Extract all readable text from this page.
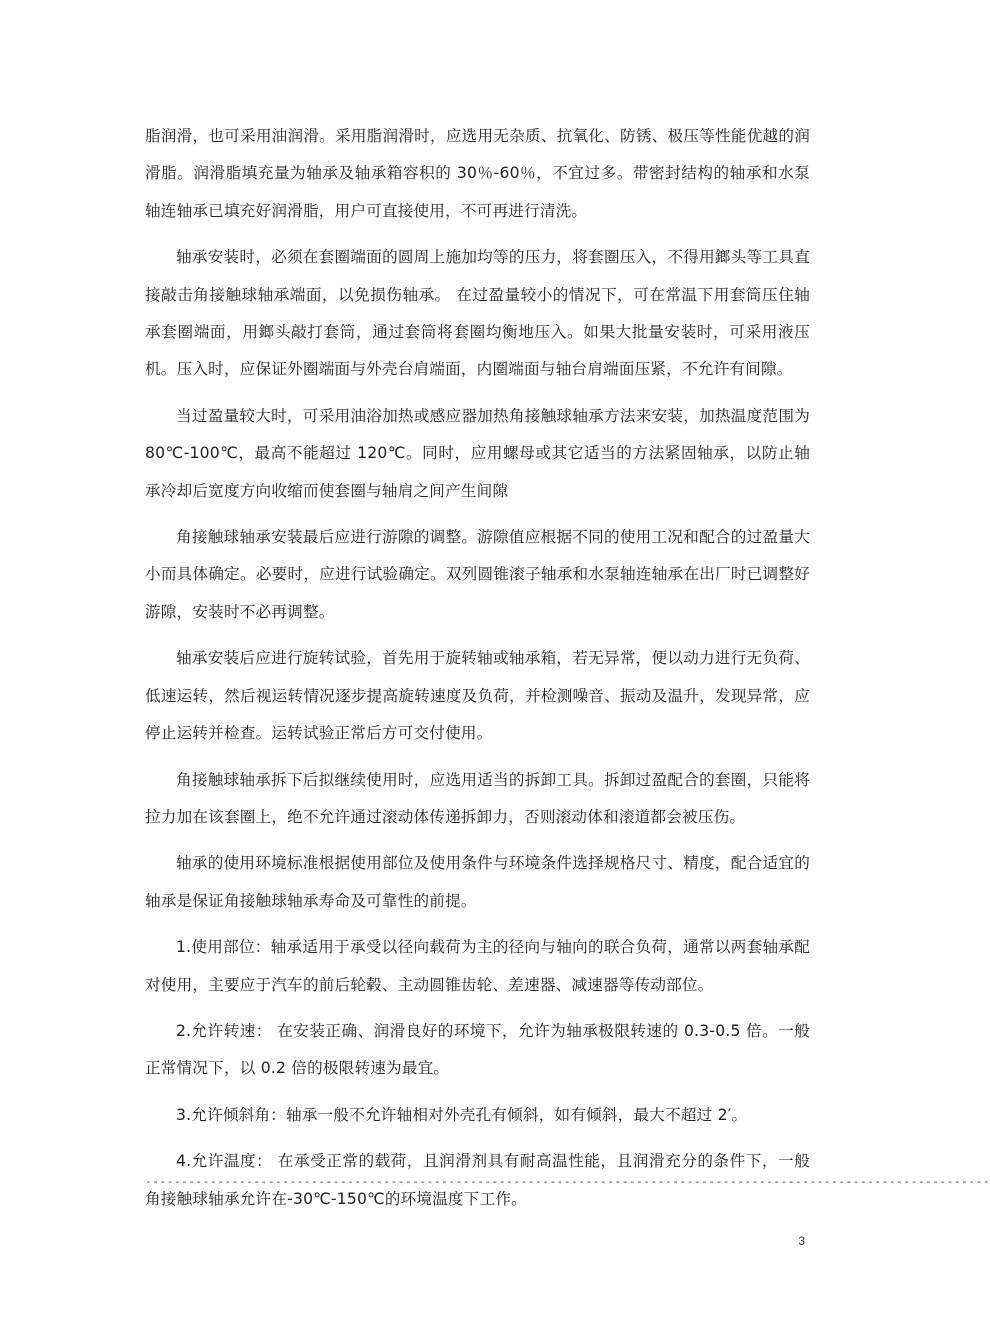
脂润滑，也可采用油润滑。采用脂润滑时，应选用无杂质、抗氧化、防锈、极压等性能优越的润滑脂。润滑脂填充量为轴承及轴承箱容积的 30％-60％，不宜过多。带密封结构的轴承和水泵轴连轴承已填充好润滑脂，用户可直接使用，不可再进行清洗。

轴承安装时，必须在套圈端面的圆周上施加均等的压力，将套圈压入，不得用鎯头等工具直接敲击角接触球轴承端面，以免损伤轴承。 在过盈量较小的情况下，可在常温下用套筒压住轴承套圈端面，用鎯头敲打套筒，通过套筒将套圈均衡地压入。如果大批量安装时，可采用液压机。压入时，应保证外圈端面与外壳台肩端面，内圈端面与轴台肩端面压紧，不允许有间隙。

当过盈量较大时，可采用油浴加热或感应器加热角接触球轴承方法来安装，加热温度范围为 80℃-100℃，最高不能超过 120℃。同时，应用螺母或其它适当的方法紧固轴承，以防止轴承冷却后宽度方向收缩而使套圈与轴肩之间产生间隙

角接触球轴承安装最后应进行游隙的调整。游隙值应根据不同的使用工况和配合的过盈量大小而具体确定。必要时，应进行试验确定。双列圆锥滚子轴承和水泵轴连轴承在出厂时已调整好游隙，安装时不必再调整。

轴承安装后应进行旋转试验，首先用于旋转轴或轴承箱，若无异常，便以动力进行无负荷、低速运转，然后视运转情况逐步提高旋转速度及负荷，并检测噪音、振动及温升，发现异常，应停止运转并检查。运转试验正常后方可交付使用。

角接触球轴承拆下后拟继续使用时，应选用适当的拆卸工具。拆卸过盈配合的套圈，只能将拉力加在该套圈上，绝不允许通过滚动体传递拆卸力，否则滚动体和滚道都会被压伤。

轴承的使用环境标准根据使用部位及使用条件与环境条件选择规格尺寸、精度，配合适宜的轴承是保证角接触球轴承寿命及可靠性的前提。

1.使用部位：轴承适用于承受以径向载荷为主的径向与轴向的联合负荷，通常以两套轴承配对使用，主要应于汽车的前后轮毂、主动圆锥齿轮、差速器、减速器等传动部位。

2.允许转速： 在安装正确、润滑良好的环境下，允许为轴承极限转速的 0.3-0.5 倍。一般正常情况下，以 0.2 倍的极限转速为最宜。

3.允许倾斜角：轴承一般不允许轴相对外壳孔有倾斜，如有倾斜，最大不超过 2′。

4.允许温度： 在承受正常的载荷，且润滑剂具有耐高温性能，且润滑充分的条件下，一般角接触球轴承允许在-30℃-150℃的环境温度下工作。

---------------------------------------------------------------------------------------------------------------------
3
